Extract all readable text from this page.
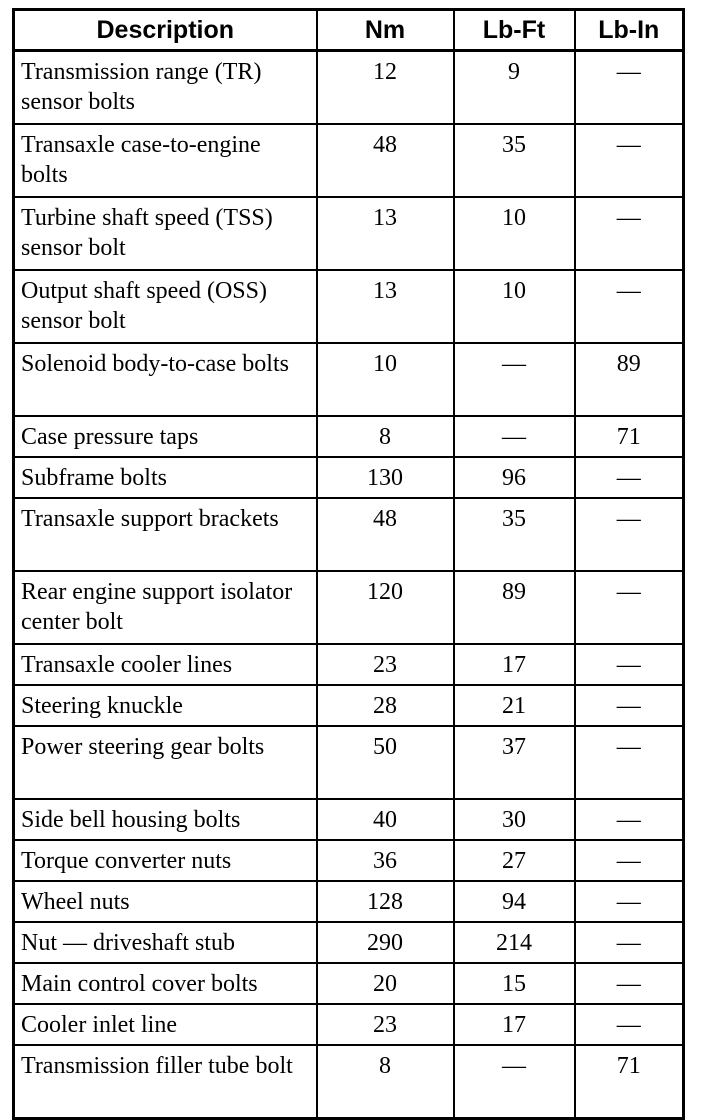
Description	Nm	Lb-Ft	Lb-In
Transmission range (TR) sensor bolts	12	9	—
Transaxle case-to-engine bolts	48	35	—
Turbine shaft speed (TSS) sensor bolt	13	10	—
Output shaft speed (OSS) sensor bolt	13	10	—
Solenoid body-to-case bolts	10	—	89
Case pressure taps	8	—	71
Subframe bolts	130	96	—
Transaxle support brackets	48	35	—
Rear engine support isolator center bolt	120	89	—
Transaxle cooler lines	23	17	—
Steering knuckle	28	21	—
Power steering gear bolts	50	37	—
Side bell housing bolts	40	30	—
Torque converter nuts	36	27	—
Wheel nuts	128	94	—
Nut — driveshaft stub	290	214	—
Main control cover bolts	20	15	—
Cooler inlet line	23	17	—
Transmission filler tube bolt	8	—	71
